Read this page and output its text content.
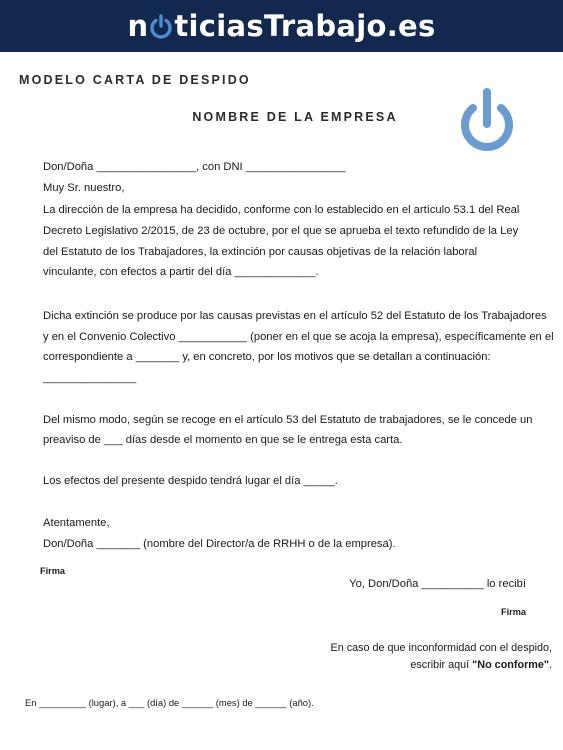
n ticiasTrabajo.es

MODELO CARTA DE DESPIDO

NOMBRE DE LA EMPRESA

Don/Doña ________________, con DNI ________________

Muy Sr. nuestro,

La dirección de la empresa ha decidido, conforme con lo establecido en el artículo 53.1 del Real

Decreto Legislativo 2/2015, de 23 de octubre, por el que se aprueba el texto refundido de la Ley

del Estatuto de los Trabajadores, la extinción por causas objetivas de la relación laboral

vinculante, con efectos a partir del día _____________.

Dicha extinción se produce por las causas previstas en el artículo 52 del Estatuto de los Trabajadores

y en el Convenio Colectivo ___________ (poner en el que se acoja la empresa), específicamente en el

correspondiente a _______ y, en concreto, por los motivos que se detallan a continuación:

_______________

Del mismo modo, según se recoge en el artículo 53 del Estatuto de trabajadores, se le concede un

preaviso de ___ días desde el momento en que se le entrega esta carta.

Los efectos del presente despido tendrá lugar el día _____.

Atentamente,

Don/Doña _______ (nombre del Director/a de RRHH o de la empresa).

Firma

Yo, Don/Doña __________ lo recibí

Firma

En caso de que inconformidad con el despido,

escribir aquí "No conforme".

En _________ (lugar), a ___ (día) de ______ (mes) de ______ (año).
